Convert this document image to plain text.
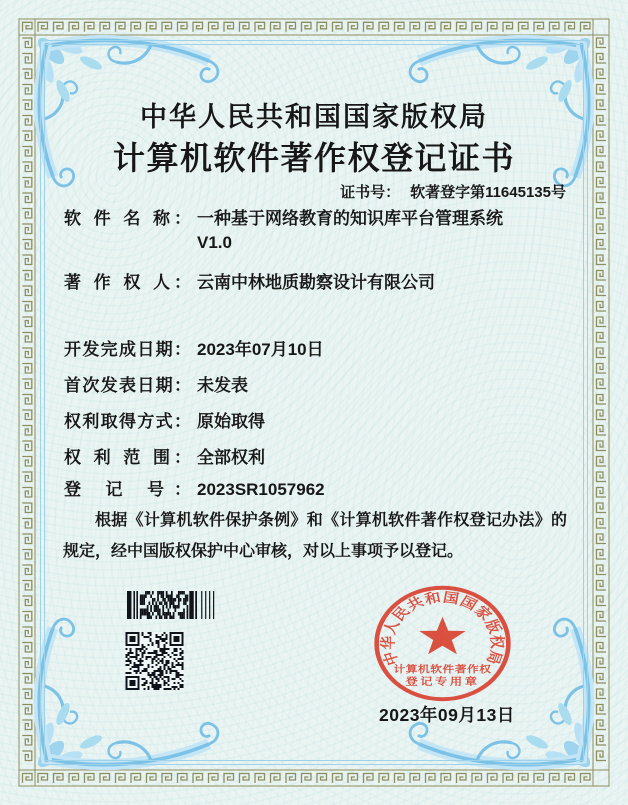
中华人民共和国国家版权局
计算机软件著作权登记证书
证书号： 软著登字第11645135号
软 件 名 称： 一种基于网络教育的知识库平台管理系统
V1.0
著 作 权 人： 云南中林地质勘察设计有限公司
开发完成日期： 2023年07月10日
首次发表日期： 未发表
权利取得方式： 原始取得
权 利 范 围： 全部权利
登 记 号： 2023SR1057962

根据《计算机软件保护条例》和《计算机软件著作权登记办法》的规定，经中国版权保护中心审核，对以上事项予以登记。

中华人民共和国国家版权局
计算机软件著作权
登记专用章
2023年09月13日
